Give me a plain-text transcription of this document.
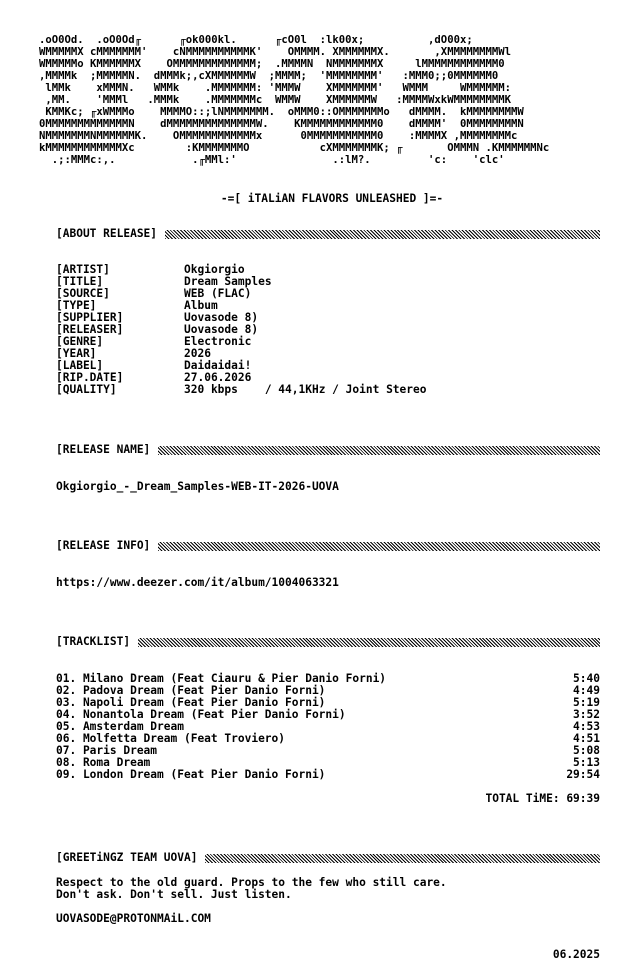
.oO0Od.  .oO0Od╓      ╓ok000kl.      ╓cO0l  :lk00x;          ,dO00x;
WMMMMMX cMMMMMMM'    cNMMMMMMMMMMK'    OMMMM. XMMMMMMX.       ,XMMMMMMMMWl
WMMMMMo KMMMMMMX    OMMMMMMMMMMMMM;  .MMMMN  NMMMMMMMX     lMMMMMMMMMMMM0
,MMMMk  ;MMMMMN.  dMMMk;,cXMMMMMMW  ;MMMM;  'MMMMMMMM'   :MMM0;;0MMMMMM0
lMMk    xMMMN.   WMMk    .MMMMMMM: 'MMMW    XMMMMMMM'   WMMM     WMMMMMM:
,MM.    'MMMl   .MMMk    .MMMMMMMc  WMMW    XMMMMMMW   :MMMMWxkWMMMMMMMMK
KMMKc; ╓xWMMMo    MMMMO::;lNMMMMMMM.  oMMM0::OMMMMMMMo   dMMMM.  kMMMMMMMMW
0MMMMMMMMMMMMMN    dMMMMMMMMMMMMMMW.    KMMMMMMMMMMMM0    dMMMM'  0MMMMMMMMN
NMMMMMMMNMMMMMMK.    OMMMMMMMMMMMMx      0MMMMMMMMMMM0    :MMMMX ,MMMMMMMMc
kMMMMMMMMMMMMXc        :KMMMMMMMO           cXMMMMMMMK; ╓       OMMMN .KMMMMMMNc
.;:MMMc:,.            .╓MMl:'               .:lM?.         'c:    'clc'
-=[ iTALiAN FLAVORS UNLEASHED ]=-
[ABOUT RELEASE]
[ARTIST]	Okgiorgio
[TITLE]	Dream Samples
[SOURCE]	WEB (FLAC)
[TYPE]	Album
[SUPPLIER]	Uovasode 8)
[RELEASER]	Uovasode 8)
[GENRE]	Electronic
[YEAR]	2026
[LABEL]	Daidaidai!
[RIP.DATE]	27.06.2026
[QUALITY]	320 kbps    / 44,1KHz / Joint Stereo
[RELEASE NAME]
Okgiorgio_-_Dream_Samples-WEB-IT-2026-UOVA
[RELEASE INFO]
https://www.deezer.com/it/album/1004063321
[TRACKLIST]
01. Milano Dream (Feat Ciauru & Pier Danio Forni)	5:40
02. Padova Dream (Feat Pier Danio Forni)	4:49
03. Napoli Dream (Feat Pier Danio Forni)	5:19
04. Nonantola Dream (Feat Pier Danio Forni)	3:52
05. Amsterdam Dream	4:53
06. Molfetta Dream (Feat Troviero)	4:51
07. Paris Dream	5:08
08. Roma Dream	5:13
09. London Dream (Feat Pier Danio Forni)	29:54
TOTAL TiME: 69:39
[GREETiNGZ TEAM UOVA]
Respect to the old guard. Props to the few who still care.
Don't ask. Don't sell. Just listen.
UOVASODE@PROTONMAiL.COM
06.2025
